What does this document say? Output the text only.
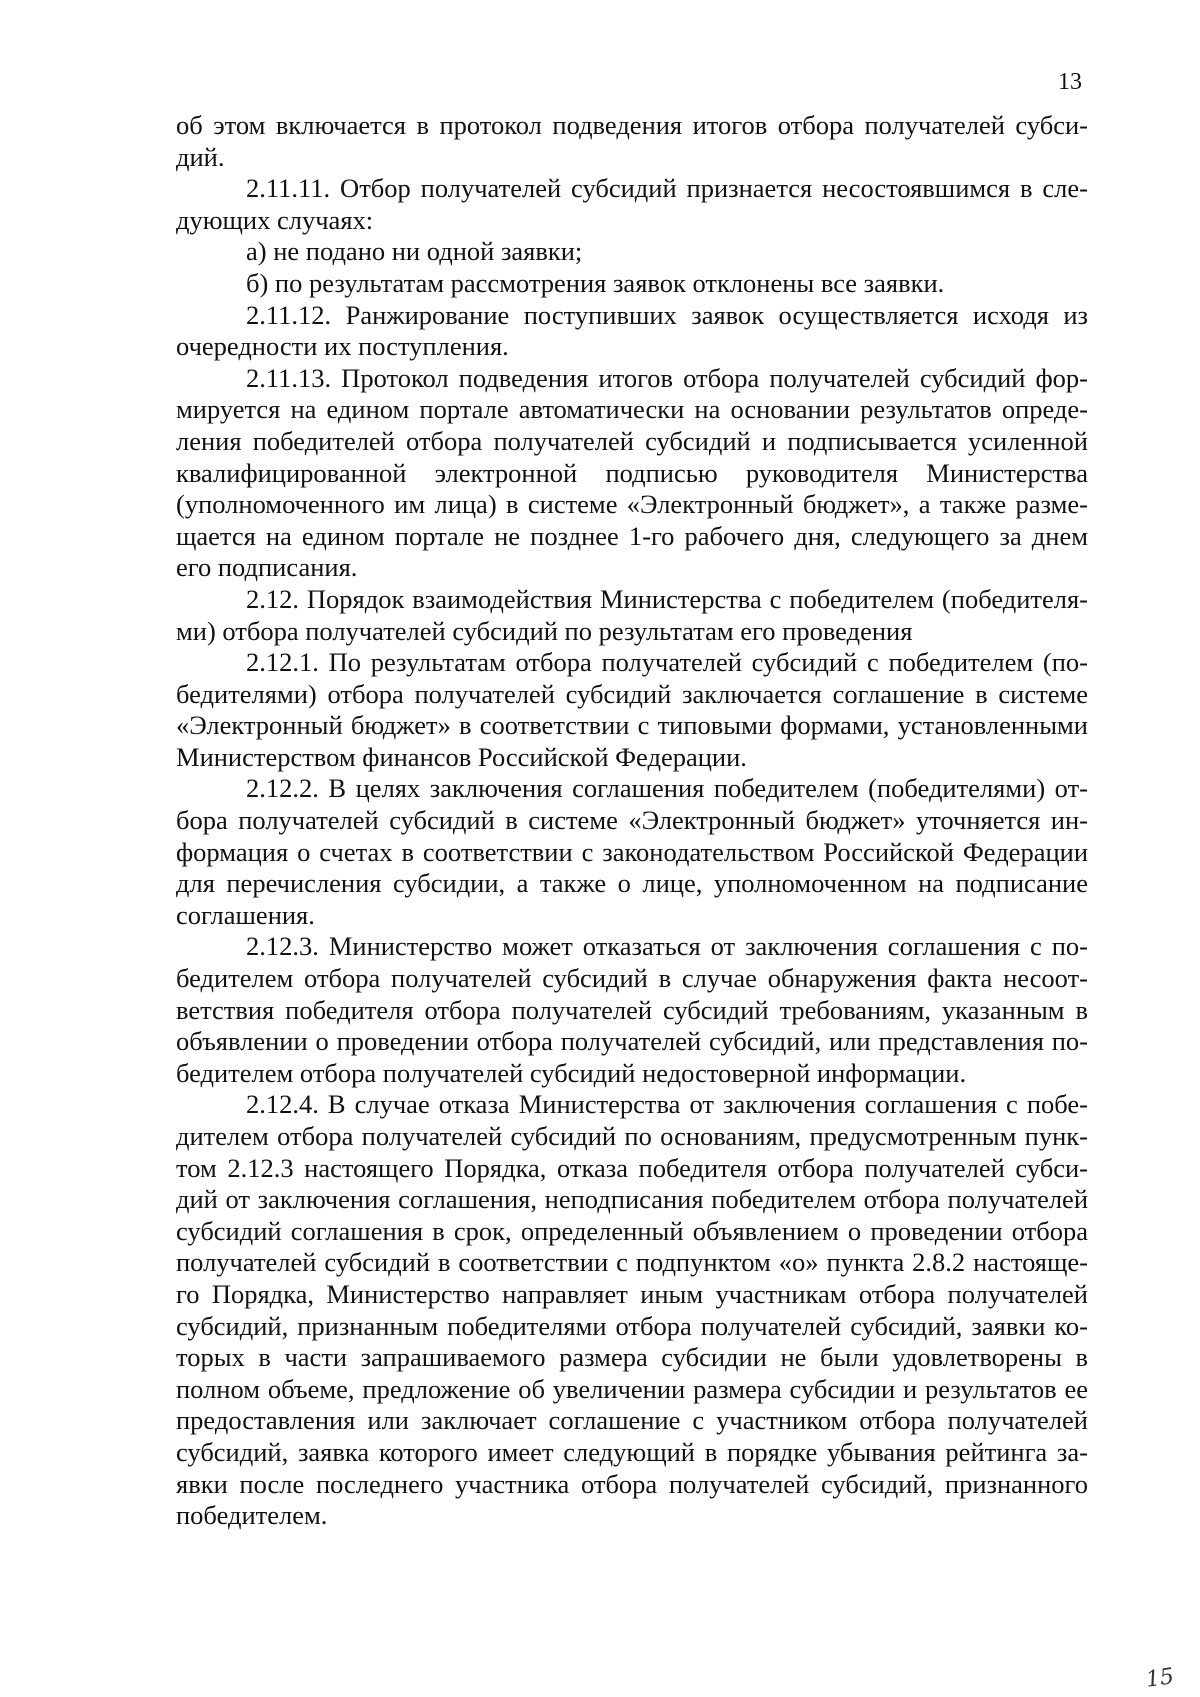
13

об этом включается в протокол подведения итогов отбора получателей субсидий.

2.11.11. Отбор получателей субсидий признается несостоявшимся в следующих случаях:

а) не подано ни одной заявки;

б) по результатам рассмотрения заявок отклонены все заявки.

2.11.12. Ранжирование поступивших заявок осуществляется исходя из очередности их поступления.

2.11.13. Протокол подведения итогов отбора получателей субсидий формируется на едином портале автоматически на основании результатов определения победителей отбора получателей субсидий и подписывается усиленной квалифицированной электронной подписью руководителя Министерства (уполномоченного им лица) в системе «Электронный бюджет», а также размещается на едином портале не позднее 1-го рабочего дня, следующего за днем его подписания.

2.12. Порядок взаимодействия Министерства с победителем (победителями) отбора получателей субсидий по результатам его проведения

2.12.1. По результатам отбора получателей субсидий с победителем (победителями) отбора получателей субсидий заключается соглашение в системе «Электронный бюджет» в соответствии с типовыми формами, установленными Министерством финансов Российской Федерации.

2.12.2. В целях заключения соглашения победителем (победителями) отбора получателей субсидий в системе «Электронный бюджет» уточняется информация о счетах в соответствии с законодательством Российской Федерации для перечисления субсидии, а также о лице, уполномоченном на подписание соглашения.

2.12.3. Министерство может отказаться от заключения соглашения с победителем отбора получателей субсидий в случае обнаружения факта несоответствия победителя отбора получателей субсидий требованиям, указанным в объявлении о проведении отбора получателей субсидий, или представления победителем отбора получателей субсидий недостоверной информации.

2.12.4. В случае отказа Министерства от заключения соглашения с победителем отбора получателей субсидий по основаниям, предусмотренным пунктом 2.12.3 настоящего Порядка, отказа победителя отбора получателей субсидий от заключения соглашения, неподписания победителем отбора получателей субсидий соглашения в срок, определенный объявлением о проведении отбора получателей субсидий в соответствии с подпунктом «о» пункта 2.8.2 настоящего Порядка, Министерство направляет иным участникам отбора получателей субсидий, признанным победителями отбора получателей субсидий, заявки которых в части запрашиваемого размера субсидии не были удовлетворены в полном объеме, предложение об увеличении размера субсидии и результатов ее предоставления или заключает соглашение с участником отбора получателей субсидий, заявка которого имеет следующий в порядке убывания рейтинга заявки после последнего участника отбора получателей субсидий, признанного победителем.

15
